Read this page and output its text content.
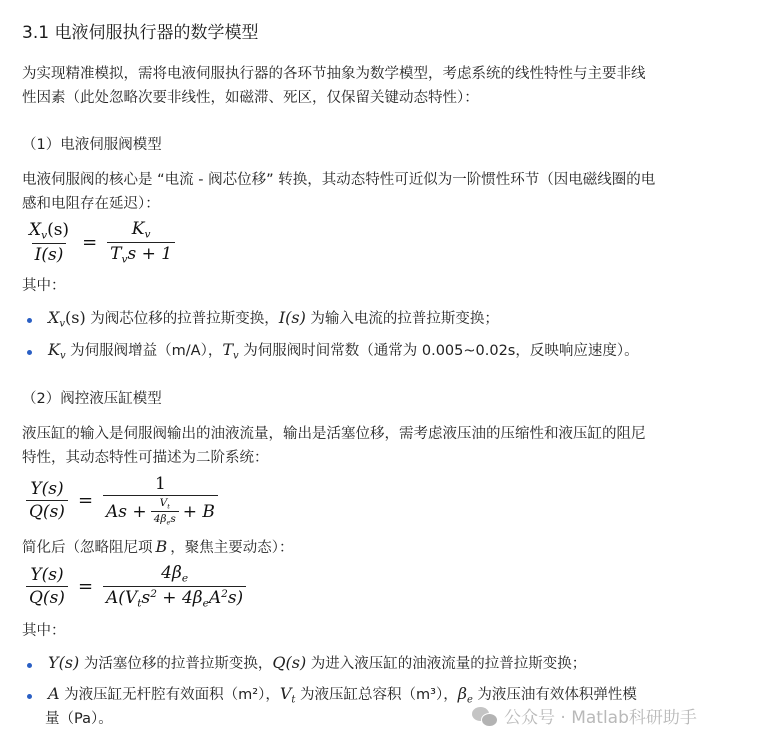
3.1 电液伺服执行器的数学模型
为实现精准模拟，需将电液伺服执行器的各环节抽象为数学模型，考虑系统的线性特性与主要非线
性因素（此处忽略次要非线性，如磁滞、死区，仅保留关键动态特性）：
（1）电液伺服阀模型
电液伺服阀的核心是 “电流 - 阀芯位移” 转换，其动态特性可近似为一阶惯性环节（因电磁线圈的电
感和电阻存在延迟）：
$\frac{X_v(s)}{I(s)} = \frac{K_v}{T_vs + 1}$
其中：
$X_v(s)$ 为阀芯位移的拉普拉斯变换，I(s) 为输入电流的拉普拉斯变换；
$K_v$ 为伺服阀增益（m/A），$T_v$ 为伺服阀时间常数（通常为 0.005~0.02s，反映响应速度）。
（2）阀控液压缸模型
液压缸的输入是伺服阀输出的油液流量，输出是活塞位移，需考虑液压油的压缩性和液压缸的阻尼
特性，其动态特性可描述为二阶系统：
$\frac{Y(s)}{Q(s)} = \frac{1}{As + \frac{V_t}{4\beta_es} + B}$
简化后（忽略阻尼项 B ，聚焦主要动态）：
$\frac{Y(s)}{Q(s)} = \frac{4\beta_e}{A(V_ts^2 + 4\beta_eA^2s)}$
其中：
Y(s) 为活塞位移的拉普拉斯变换，Q(s) 为进入液压缸的油液流量的拉普拉斯变换；
A 为液压缸无杆腔有效面积（m²），$V_t$ 为液压缸总容积（m³），$\beta_e$ 为液压油有效体积弹性模
量（Pa）。	公众号 · Matlab科研助手
